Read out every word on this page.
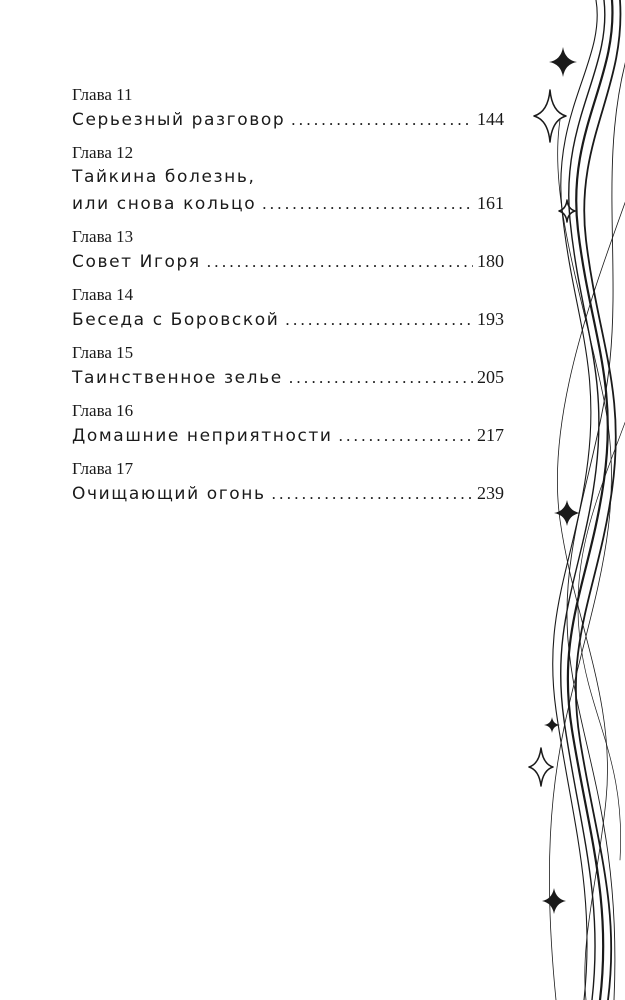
Глава 11
Серьезный разговор .....	144
Глава 12
Тайкина болезнь,
или снова кольцо .....	161
Глава 13
Совет Игоря .....	180
Глава 14
Беседа с Боровской .....	193
Глава 15
Таинственное зелье .....	205
Глава 16
Домашние неприятности .....	217
Глава 17
Очищающий огонь .....	239
